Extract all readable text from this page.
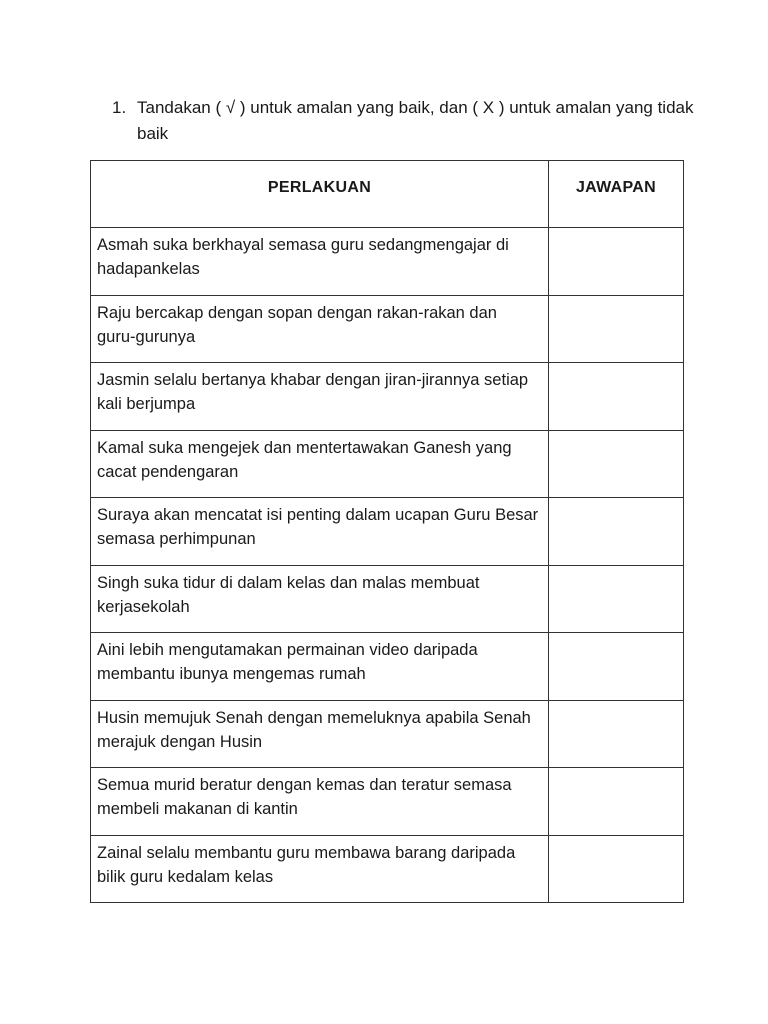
1. Tandakan ( √ ) untuk amalan yang baik, dan ( X ) untuk amalan yang tidak baik
PERLAKUAN	JAWAPAN
Asmah suka berkhayal semasa guru sedangmengajar di hadapankelas	
Raju bercakap dengan sopan dengan rakan-rakan dan guru-gurunya	
Jasmin selalu bertanya khabar dengan jiran-jirannya setiap kali berjumpa	
Kamal suka mengejek dan mentertawakan Ganesh yang cacat pendengaran	
Suraya akan mencatat isi penting dalam ucapan Guru Besar semasa perhimpunan	
Singh suka tidur di dalam kelas dan malas membuat kerjasekolah	
Aini lebih mengutamakan permainan video daripada membantu ibunya mengemas rumah	
Husin memujuk Senah dengan memeluknya apabila Senah merajuk dengan Husin	
Semua murid beratur dengan kemas dan teratur semasa membeli makanan di kantin	
Zainal selalu membantu guru membawa barang daripada bilik guru kedalam kelas	
